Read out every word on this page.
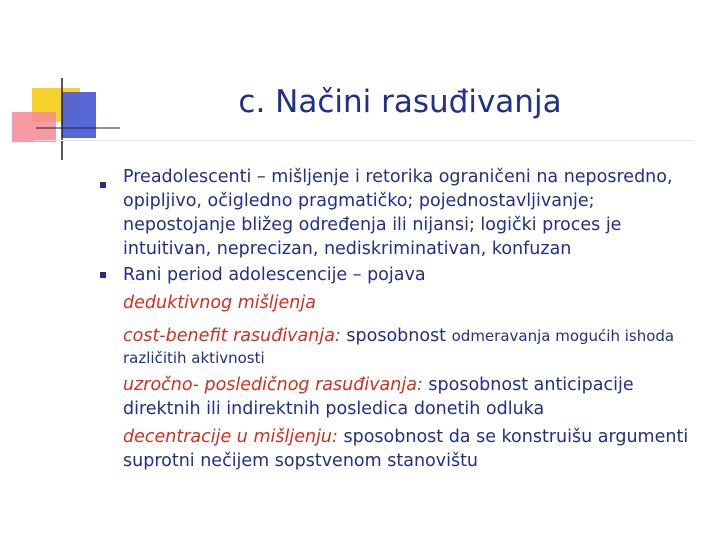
c. Načini rasuđivanja
Preadolescenti – mišljenje i retorika ograničeni na neposredno,
opipljivo, očigledno pragmatičko; pojednostavljivanje;
nepostojanje bližeg određenja ili nijansi; logički proces je
intuitivan, neprecizan, nediskriminativan, konfuzan
Rani period adolescencije – pojava
deduktivnog mišljenja
cost-benefit rasuđivanja: sposobnost odmeravanja mogućih ishoda
različitih aktivnosti
uzročno- posledičnog rasuđivanja: sposobnost anticipacije
direktnih ili indirektnih posledica donetih odluka
decentracije u mišljenju: sposobnost da se konstruišu argumenti
suprotni nečijem sopstvenom stanovištu
